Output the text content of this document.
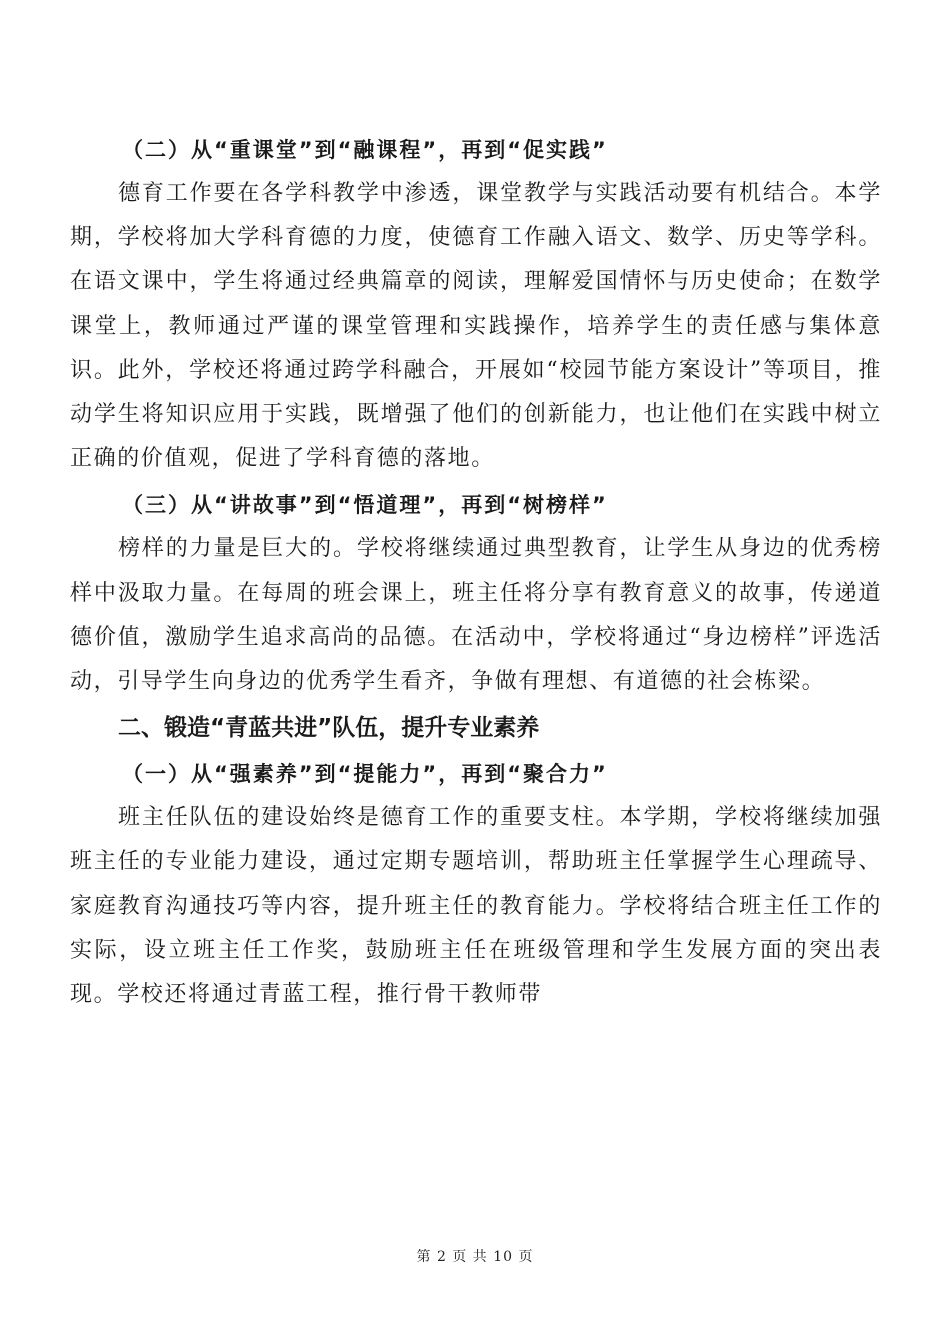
（二）从“重课堂”到“融课程”，再到“促实践”

德育工作要在各学科教学中渗透，课堂教学与实践活动要有机结合。本学期，学校将加大学科育德的力度，使德育工作融入语文、数学、历史等学科。在语文课中，学生将通过经典篇章的阅读，理解爱国情怀与历史使命；在数学课堂上，教师通过严谨的课堂管理和实践操作，培养学生的责任感与集体意识。此外，学校还将通过跨学科融合，开展如“校园节能方案设计”等项目，推动学生将知识应用于实践，既增强了他们的创新能力，也让他们在实践中树立正确的价值观，促进了学科育德的落地。

（三）从“讲故事”到“悟道理”，再到“树榜样”

榜样的力量是巨大的。学校将继续通过典型教育，让学生从身边的优秀榜样中汲取力量。在每周的班会课上，班主任将分享有教育意义的故事，传递道德价值，激励学生追求高尚的品德。在活动中，学校将通过“身边榜样”评选活动，引导学生向身边的优秀学生看齐，争做有理想、有道德的社会栋梁。

二、锻造“青蓝共进”队伍，提升专业素养

（一）从“强素养”到“提能力”，再到“聚合力”

班主任队伍的建设始终是德育工作的重要支柱。本学期，学校将继续加强班主任的专业能力建设，通过定期专题培训，帮助班主任掌握学生心理疏导、家庭教育沟通技巧等内容，提升班主任的教育能力。学校将结合班主任工作的实际，设立班主任工作奖，鼓励班主任在班级管理和学生发展方面的突出表现。学校还将通过青蓝工程，推行骨干教师带

第 2 页 共 10 页
